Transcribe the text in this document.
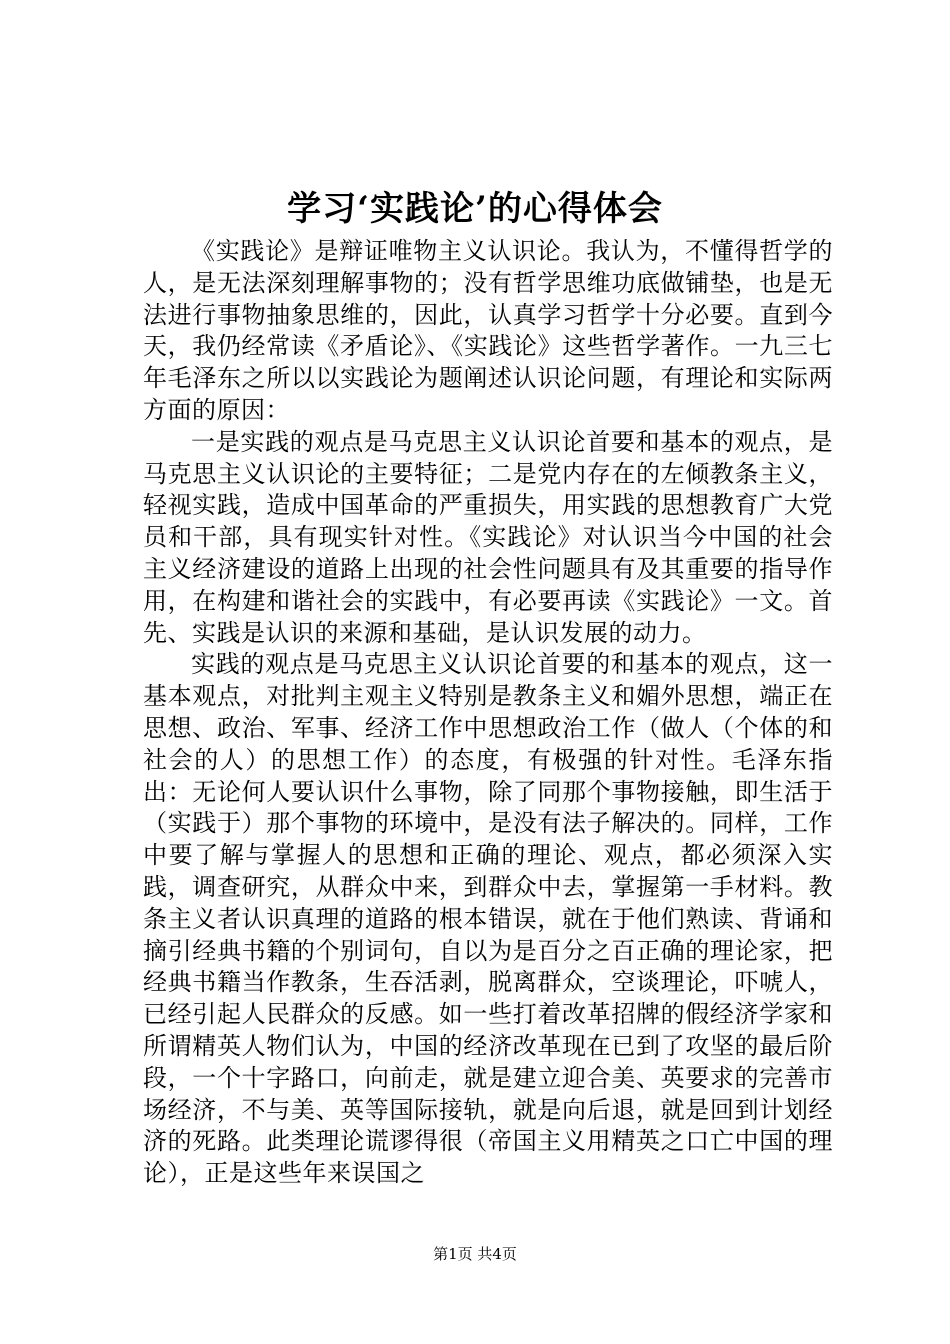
学习‘实践论’的心得体会

《实践论》是辩证唯物主义认识论。我认为，不懂得哲学的人，是无法深刻理解事物的；没有哲学思维功底做铺垫，也是无法进行事物抽象思维的，因此，认真学习哲学十分必要。直到今天，我仍经常读《矛盾论》、《实践论》这些哲学著作。一九三七年毛泽东之所以以实践论为题阐述认识论问题，有理论和实际两方面的原因：

一是实践的观点是马克思主义认识论首要和基本的观点，是马克思主义认识论的主要特征；二是党内存在的左倾教条主义，轻视实践，造成中国革命的严重损失，用实践的思想教育广大党员和干部，具有现实针对性。《实践论》对认识当今中国的社会主义经济建设的道路上出现的社会性问题具有及其重要的指导作用，在构建和谐社会的实践中，有必要再读《实践论》一文。首先、实践是认识的来源和基础，是认识发展的动力。

实践的观点是马克思主义认识论首要的和基本的观点，这一基本观点，对批判主观主义特别是教条主义和媚外思想，端正在思想、政治、军事、经济工作中思想政治工作（做人（个体的和社会的人）的思想工作）的态度，有极强的针对性。毛泽东指出：无论何人要认识什么事物，除了同那个事物接触，即生活于（实践于）那个事物的环境中，是没有法子解决的。同样，工作中要了解与掌握人的思想和正确的理论、观点，都必须深入实践，调查研究，从群众中来，到群众中去，掌握第一手材料。教条主义者认识真理的道路的根本错误，就在于他们熟读、背诵和摘引经典书籍的个别词句，自以为是百分之百正确的理论家，把经典书籍当作教条，生吞活剥，脱离群众，空谈理论，吓唬人，已经引起人民群众的反感。如一些打着改革招牌的假经济学家和所谓精英人物们认为，中国的经济改革现在已到了攻坚的最后阶段，一个十字路口，向前走，就是建立迎合美、英要求的完善市场经济，不与美、英等国际接轨，就是向后退，就是回到计划经济的死路。此类理论谎谬得很（帝国主义用精英之口亡中国的理论），正是这些年来误国之

第1页 共4页
